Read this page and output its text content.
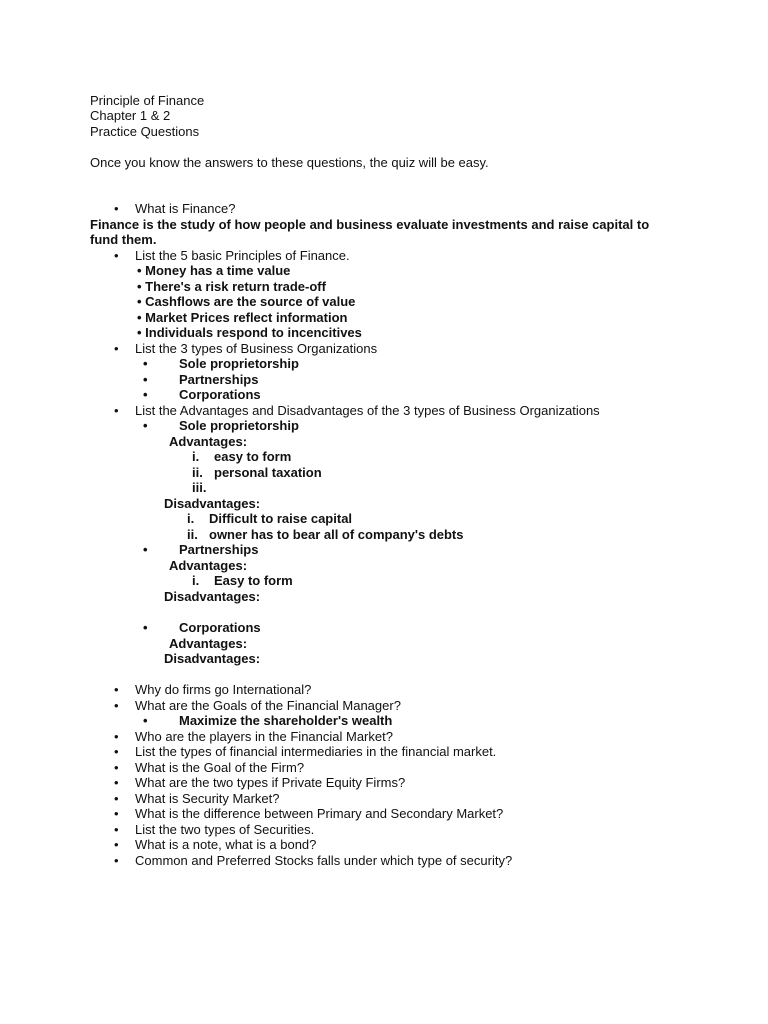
Principle of Finance
Chapter 1 & 2
Practice Questions
Once you know the answers to these questions, the quiz will be easy.
• What is Finance?
Finance is the study of how people and business evaluate investments and raise capital to
fund them.
• List the 5 basic Principles of Finance.
• Money has a time value
• There's a risk return trade-off
• Cashflows are the source of value
• Market Prices reflect information
• Individuals respond to incencitives
• List the 3 types of Business Organizations
• Sole proprietorship
• Partnerships
• Corporations
• List the Advantages and Disadvantages of the 3 types of Business Organizations
• Sole proprietorship
Advantages:
i. easy to form
ii. personal taxation
iii.
Disadvantages:
i. Difficult to raise capital
ii. owner has to bear all of company's debts
• Partnerships
Advantages:
i. Easy to form
Disadvantages:
• Corporations
Advantages:
Disadvantages:
• Why do firms go International?
• What are the Goals of the Financial Manager?
• Maximize the shareholder's wealth
• Who are the players in the Financial Market?
• List the types of financial intermediaries in the financial market.
• What is the Goal of the Firm?
• What are the two types if Private Equity Firms?
• What is Security Market?
• What is the difference between Primary and Secondary Market?
• List the two types of Securities.
• What is a note, what is a bond?
• Common and Preferred Stocks falls under which type of security?
